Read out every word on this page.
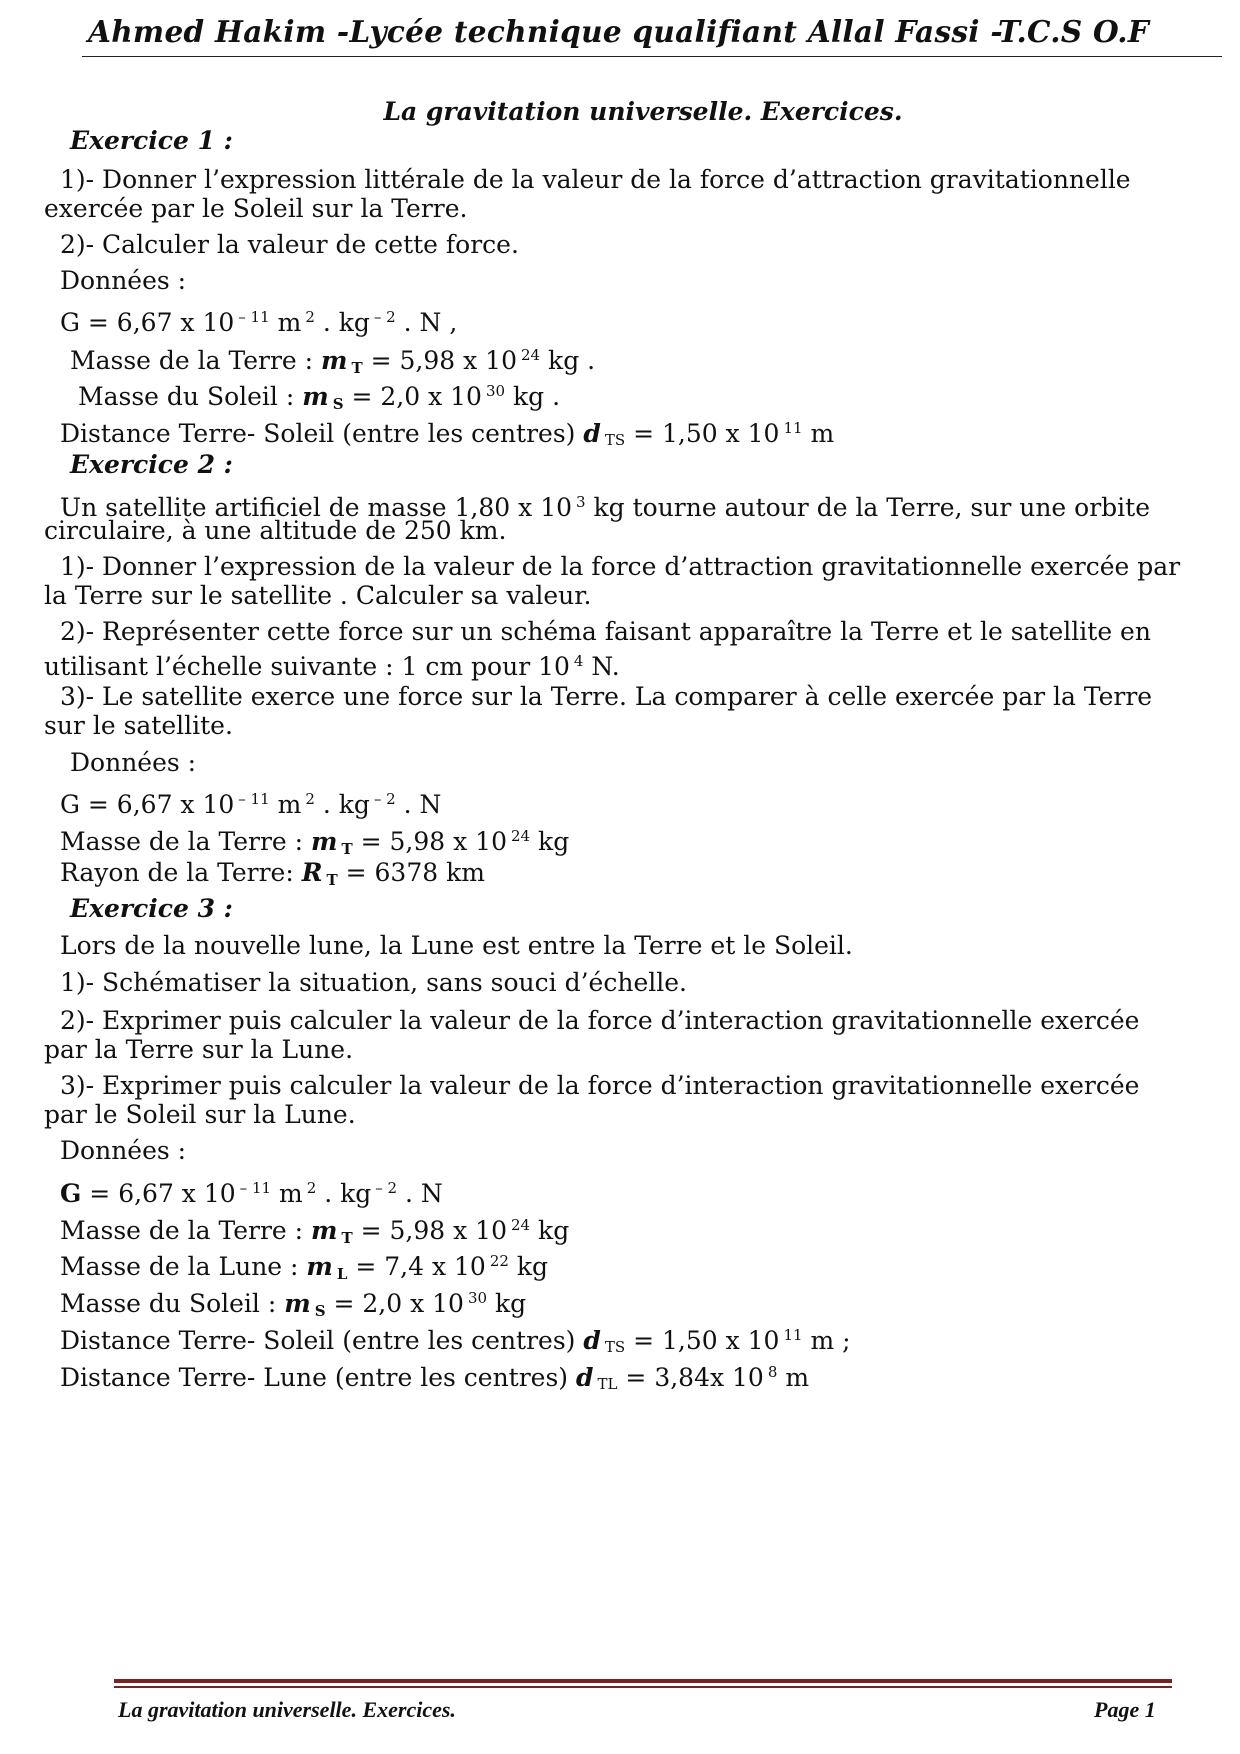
Ahmed Hakim -Lycée technique qualifiant Allal Fassi -T.C.S O.F

La gravitation universelle. Exercices.

Exercice 1 :

1)- Donner l’expression littérale de la valeur de la force d’attraction gravitationnelle

exercée par le Soleil sur la Terre.

2)- Calculer la valeur de cette force.

Données :

G = 6,67 x 10 $^{- 11}$ m $^2$ . kg $^{- 2}$ . N ,

Masse de la Terre : m T = 5,98 x 10 $^{24}$ kg .

Masse du Soleil : m S = 2,0 x 10 $^{30}$ kg .

Distance Terre- Soleil (entre les centres) d $_{TS}$ = 1,50 x 10 $^{11}$ m

Exercice 2 :

Un satellite artificiel de masse 1,80 x 10 $^3$ kg tourne autour de la Terre, sur une orbite

circulaire, à une altitude de 250 km.

1)- Donner l’expression de la valeur de la force d’attraction gravitationnelle exercée par

la Terre sur le satellite . Calculer sa valeur.

2)- Représenter cette force sur un schéma faisant apparaître la Terre et le satellite en

utilisant l’échelle suivante : 1 cm pour 10 $^4$ N.

3)- Le satellite exerce une force sur la Terre. La comparer à celle exercée par la Terre

sur le satellite.

Données :

G = 6,67 x 10 $^{- 11}$ m $^2$ . kg $^{- 2}$ . N

Masse de la Terre : m T = 5,98 x 10 $^{24}$ kg

Rayon de la Terre: R T = 6378 km

Exercice 3 :

Lors de la nouvelle lune, la Lune est entre la Terre et le Soleil.

1)- Schématiser la situation, sans souci d’échelle.

2)- Exprimer puis calculer la valeur de la force d’interaction gravitationnelle exercée

par la Terre sur la Lune.

3)- Exprimer puis calculer la valeur de la force d’interaction gravitationnelle exercée

par le Soleil sur la Lune.

Données :

G = 6,67 x 10 $^{- 11}$ m $^2$ . kg $^{- 2}$ . N

Masse de la Terre : m T = 5,98 x 10 $^{24}$ kg

Masse de la Lune : m L = 7,4 x 10 $^{22}$ kg

Masse du Soleil : m S = 2,0 x 10 $^{30}$ kg

Distance Terre- Soleil (entre les centres) d $_{TS}$ = 1,50 x 10 $^{11}$ m ;

Distance Terre- Lune (entre les centres) d $_{TL}$ = 3,84x 10 $^8$ m

La gravitation universelle. Exercices.	Page 1
